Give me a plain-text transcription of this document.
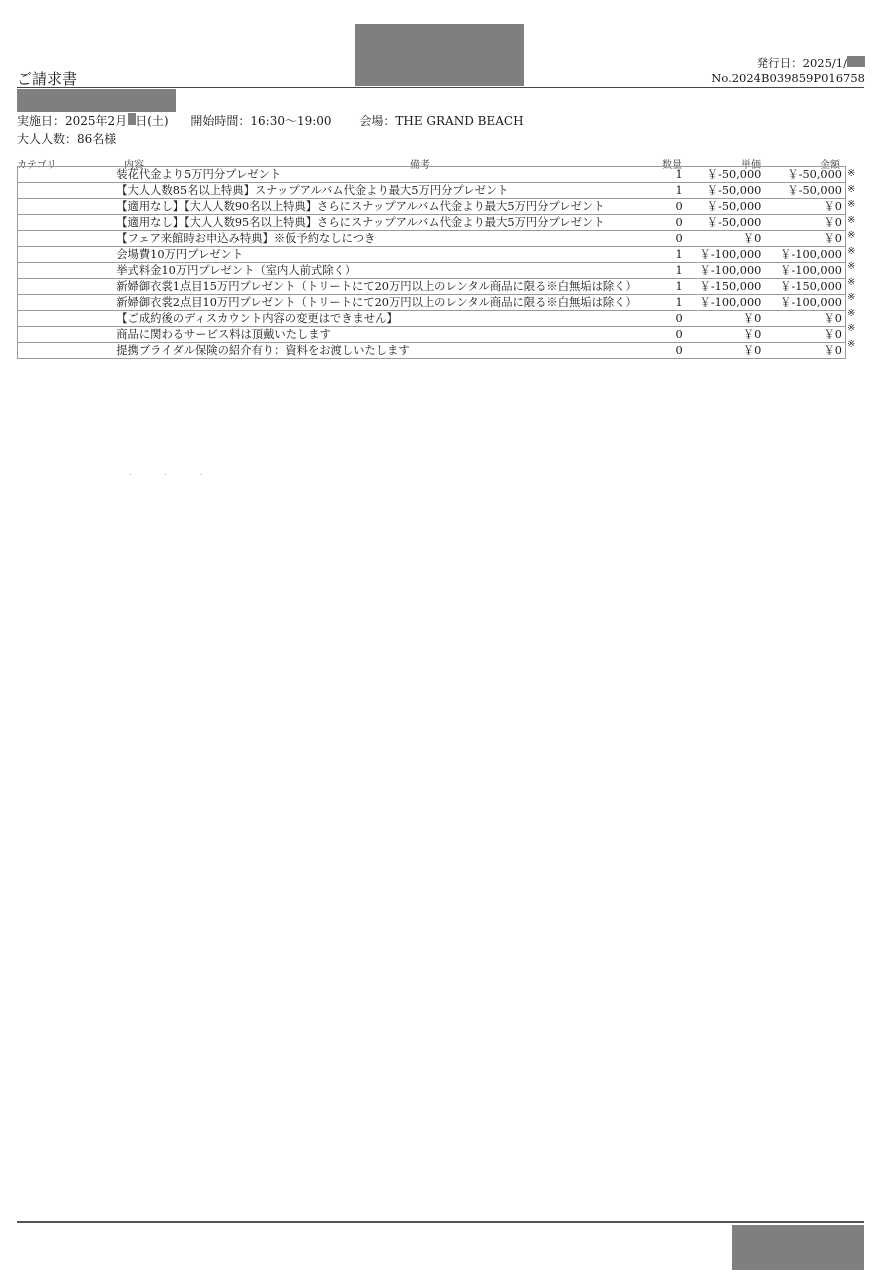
ご請求書
発行日：2025/1/
No.2024B039859P016758
実施日：2025年2月 日(土) 開始時間：16:30～19:00 会場：THE GRAND BEACH
大人人数：86名様
カテゴリ	内容	備考	数量	単価	金額
	装花代金より5万円分プレゼント	1	￥-50,000	￥-50,000
	【大人人数85名以上特典】スナップアルバム代金より最大5万円分プレゼント	1	￥-50,000	￥-50,000
	【適用なし】【大人人数90名以上特典】さらにスナップアルバム代金より最大5万円分プレゼント	0	￥-50,000	￥0
	【適用なし】【大人人数95名以上特典】さらにスナップアルバム代金より最大5万円分プレゼント	0	￥-50,000	￥0
	【フェア来館時お申込み特典】※仮予約なしにつき	0	￥0	￥0
	会場費10万円プレゼント	1	￥-100,000	￥-100,000
	挙式料金10万円プレゼント（室内人前式除く）	1	￥-100,000	￥-100,000
	新婦御衣裳1点目15万円プレゼント（トリートにて20万円以上のレンタル商品に限る※白無垢は除く）	1	￥-150,000	￥-150,000
	新婦御衣裳2点目10万円プレゼント（トリートにて20万円以上のレンタル商品に限る※白無垢は除く）	1	￥-100,000	￥-100,000
	【ご成約後のディスカウント内容の変更はできません】	0	￥0	￥0
	商品に関わるサービス料は頂戴いたします	0	￥0	￥0
	提携ブライダル保険の紹介有り：資料をお渡しいたします	0	￥0	￥0
※
※
※
※
※
※
※
※
※
※
※
※
˙ ˙ ˙
